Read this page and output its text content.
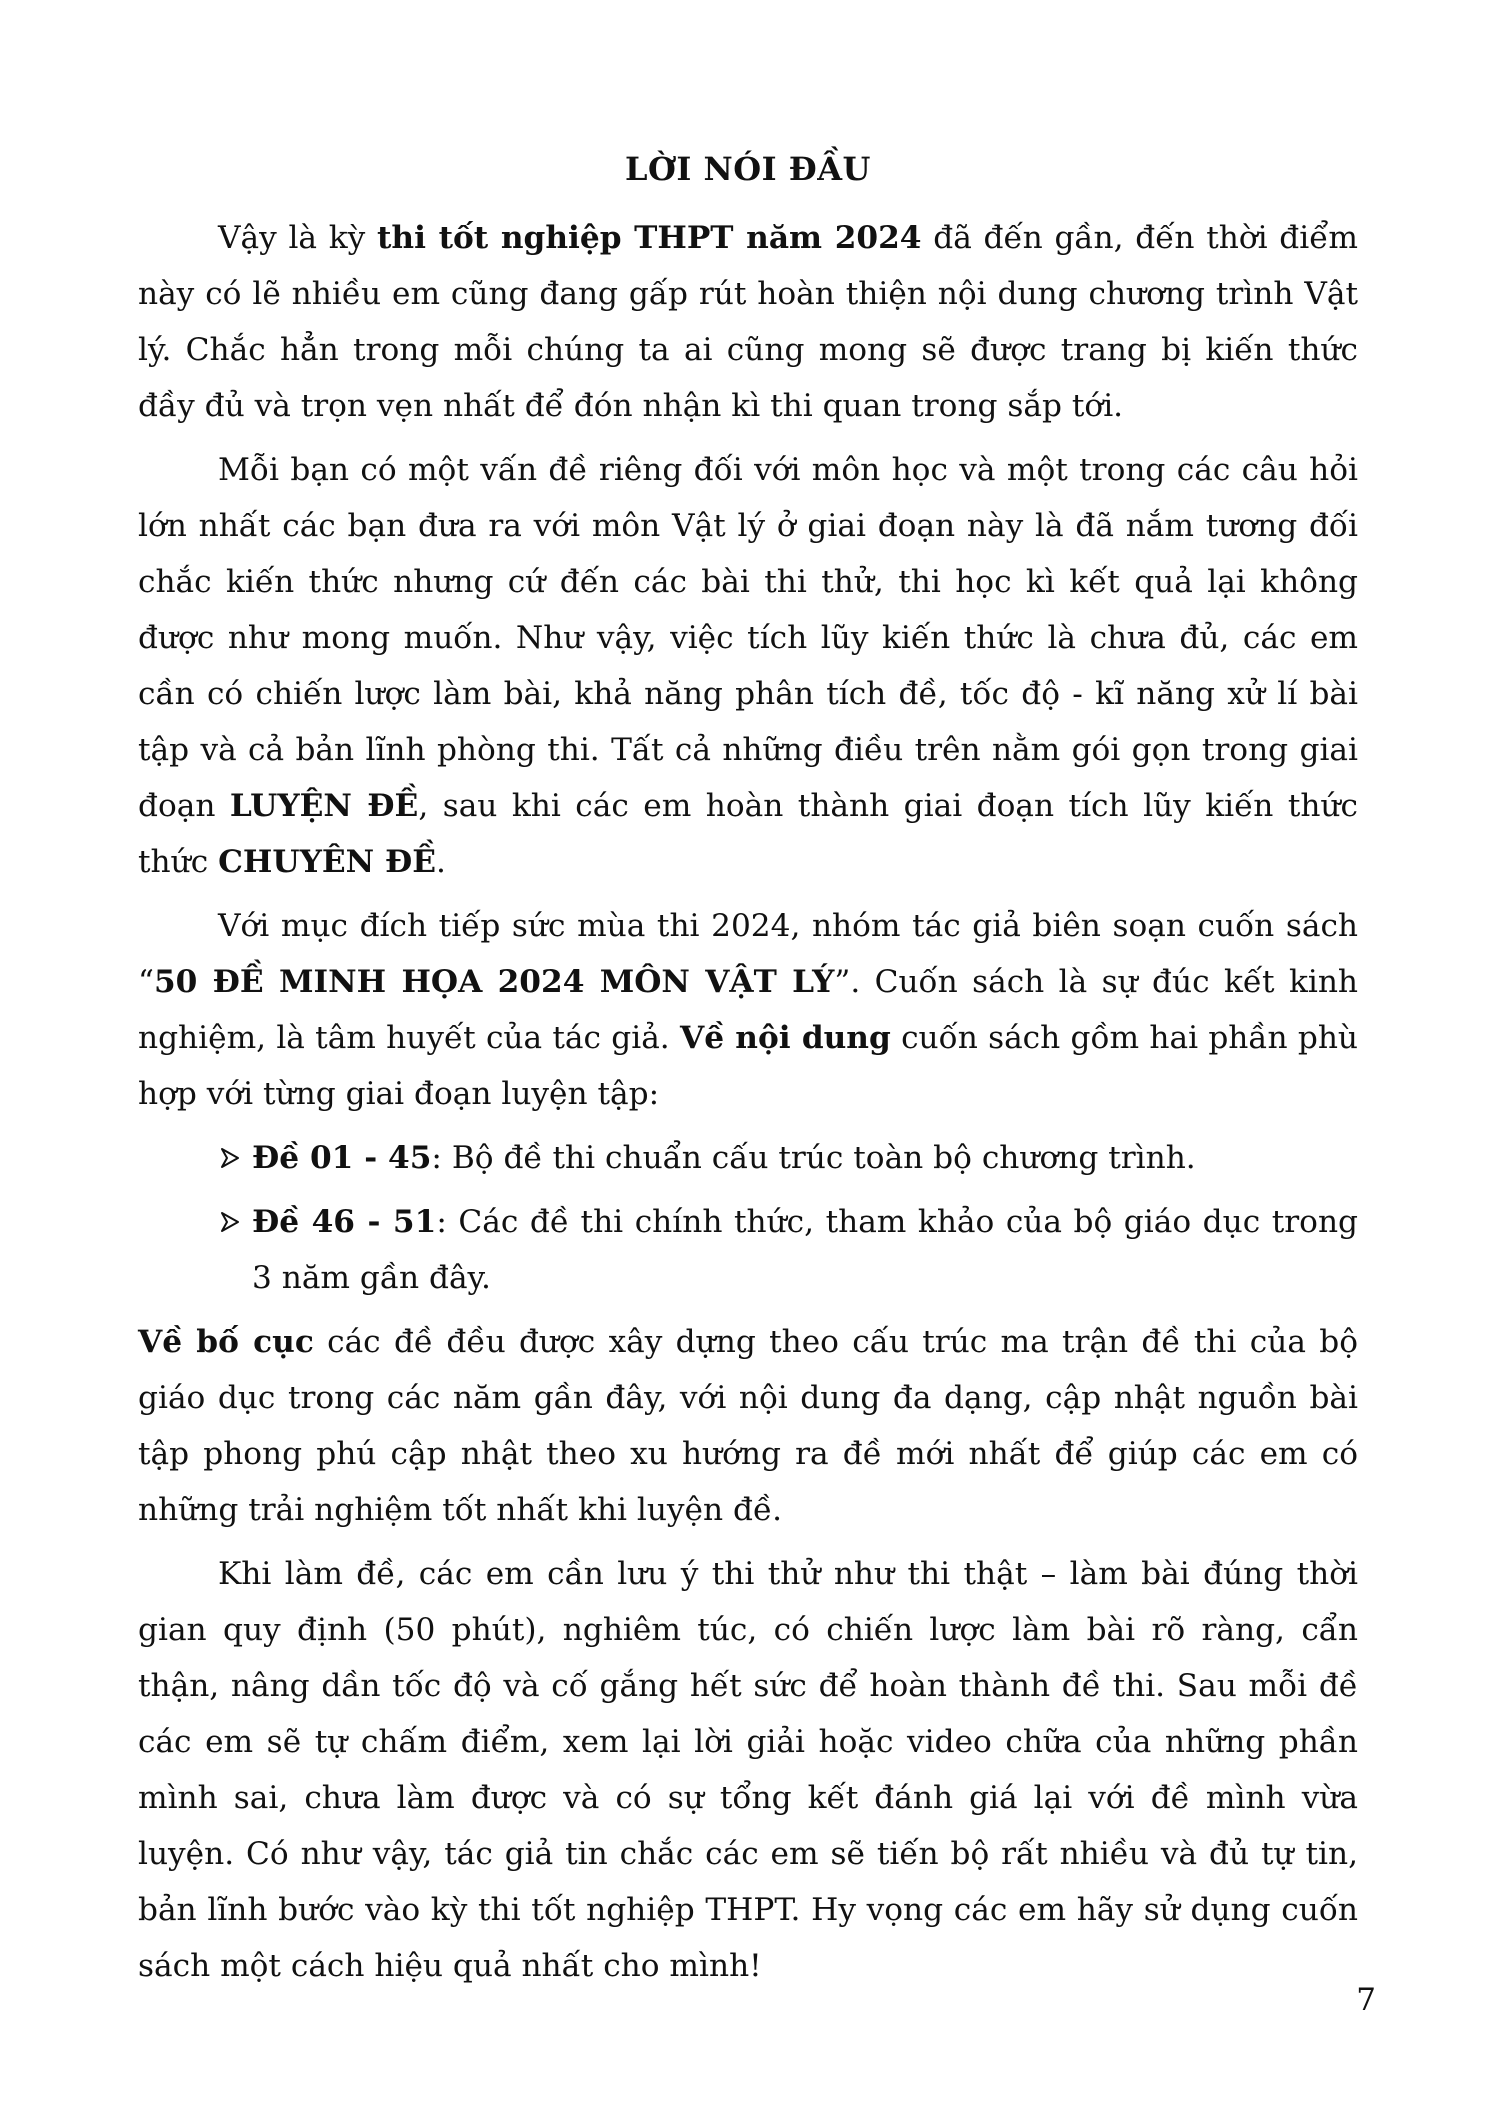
LỜI NÓI ĐẦU

Vậy là kỳ thi tốt nghiệp THPT năm 2024 đã đến gần, đến thời điểm này có lẽ nhiều em cũng đang gấp rút hoàn thiện nội dung chương trình Vật lý. Chắc hẳn trong mỗi chúng ta ai cũng mong sẽ được trang bị kiến thức đầy đủ và trọn vẹn nhất để đón nhận kì thi quan trong sắp tới.

Mỗi bạn có một vấn đề riêng đối với môn học và một trong các câu hỏi lớn nhất các bạn đưa ra với môn Vật lý ở giai đoạn này là đã nắm tương đối chắc kiến thức nhưng cứ đến các bài thi thử, thi học kì kết quả lại không được như mong muốn. Như vậy, việc tích lũy kiến thức là chưa đủ, các em cần có chiến lược làm bài, khả năng phân tích đề, tốc độ - kĩ năng xử lí bài tập và cả bản lĩnh phòng thi. Tất cả những điều trên nằm gói gọn trong giai đoạn LUYỆN ĐỀ, sau khi các em hoàn thành giai đoạn tích lũy kiến thức thức CHUYÊN ĐỀ.

Với mục đích tiếp sức mùa thi 2024, nhóm tác giả biên soạn cuốn sách “50 ĐỀ MINH HỌA 2024 MÔN VẬT LÝ”. Cuốn sách là sự đúc kết kinh nghiệm, là tâm huyết của tác giả. Về nội dung cuốn sách gồm hai phần phù hợp với từng giai đoạn luyện tập:

Đề 01 - 45: Bộ đề thi chuẩn cấu trúc toàn bộ chương trình.
Đề 46 - 51: Các đề thi chính thức, tham khảo của bộ giáo dục trong 3 năm gần đây.

Về bố cục các đề đều được xây dựng theo cấu trúc ma trận đề thi của bộ giáo dục trong các năm gần đây, với nội dung đa dạng, cập nhật nguồn bài tập phong phú cập nhật theo xu hướng ra đề mới nhất để giúp các em có những trải nghiệm tốt nhất khi luyện đề.

Khi làm đề, các em cần lưu ý thi thử như thi thật – làm bài đúng thời gian quy định (50 phút), nghiêm túc, có chiến lược làm bài rõ ràng, cẩn thận, nâng dần tốc độ và cố gắng hết sức để hoàn thành đề thi. Sau mỗi đề các em sẽ tự chấm điểm, xem lại lời giải hoặc video chữa của những phần mình sai, chưa làm được và có sự tổng kết đánh giá lại với đề mình vừa luyện. Có như vậy, tác giả tin chắc các em sẽ tiến bộ rất nhiều và đủ tự tin, bản lĩnh bước vào kỳ thi tốt nghiệp THPT. Hy vọng các em hãy sử dụng cuốn sách một cách hiệu quả nhất cho mình!

7
